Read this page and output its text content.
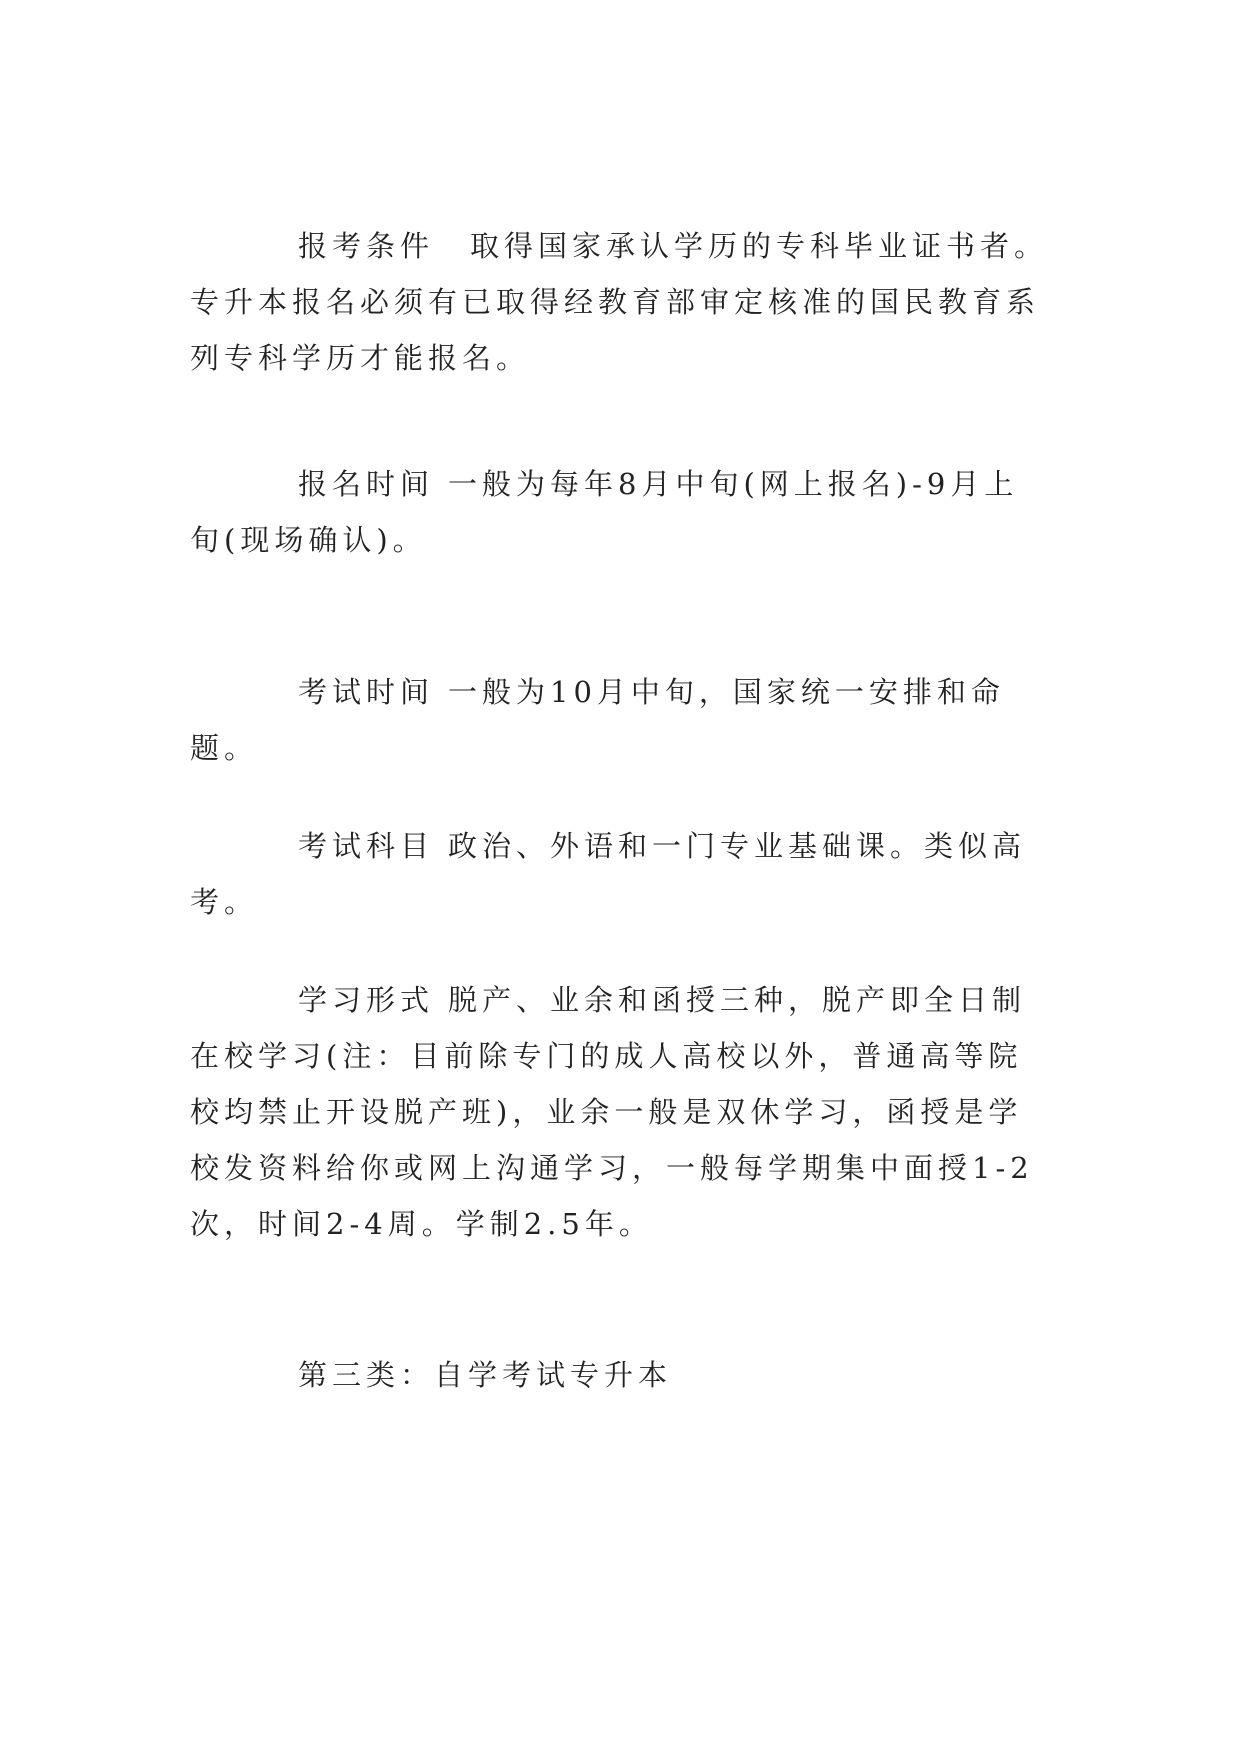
报考条件 取得国家承认学历的专科毕业证书者。专升本报名必须有已取得经教育部审定核准的国民教育系列专科学历才能报名。

报名时间 一般为每年8月中旬(网上报名)-9月上旬(现场确认)。

考试时间 一般为10月中旬，国家统一安排和命题。

考试科目 政治、外语和一门专业基础课。类似高考。

学习形式 脱产、业余和函授三种，脱产即全日制在校学习(注：目前除专门的成人高校以外，普通高等院校均禁止开设脱产班)，业余一般是双休学习，函授是学校发资料给你或网上沟通学习，一般每学期集中面授1-2次，时间2-4周。学制2.5年。

第三类：自学考试专升本
